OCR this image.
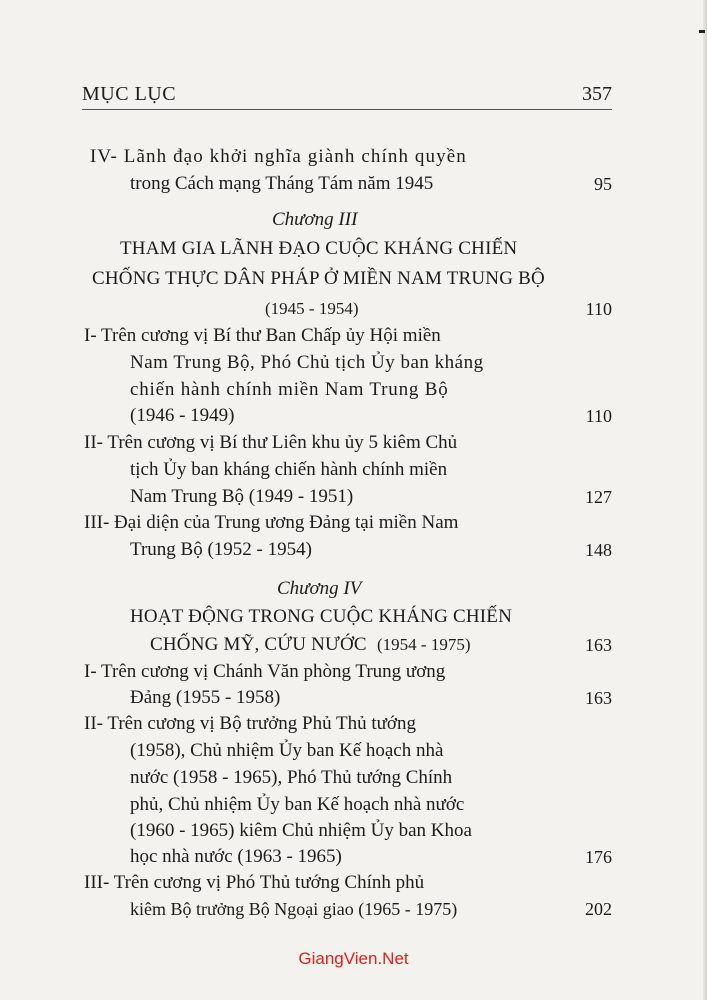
MỤC LỤC	357
IV- Lãnh đạo khởi nghĩa giành chính quyền
trong Cách mạng Tháng Tám năm 1945	95
Chương III
THAM GIA LÃNH ĐẠO CUỘC KHÁNG CHIẾN
CHỐNG THỰC DÂN PHÁP Ở MIỀN NAM TRUNG BỘ
(1945 - 1954)	110
I- Trên cương vị Bí thư Ban Chấp ủy Hội miền
Nam Trung Bộ, Phó Chủ tịch Ủy ban kháng
chiến hành chính miền Nam Trung Bộ
(1946 - 1949)	110
II- Trên cương vị Bí thư Liên khu ủy 5 kiêm Chủ
tịch Ủy ban kháng chiến hành chính miền
Nam Trung Bộ (1949 - 1951)	127
III- Đại diện của Trung ương Đảng tại miền Nam
Trung Bộ (1952 - 1954)	148
Chương IV
HOẠT ĐỘNG TRONG CUỘC KHÁNG CHIẾN
CHỐNG MỸ, CỨU NƯỚC (1954 - 1975)	163
I- Trên cương vị Chánh Văn phòng Trung ương
Đảng (1955 - 1958)	163
II- Trên cương vị Bộ trưởng Phủ Thủ tướng
(1958), Chủ nhiệm Ủy ban Kế hoạch nhà
nước (1958 - 1965), Phó Thủ tướng Chính
phủ, Chủ nhiệm Ủy ban Kế hoạch nhà nước
(1960 - 1965) kiêm Chủ nhiệm Ủy ban Khoa
học nhà nước (1963 - 1965)	176
III- Trên cương vị Phó Thủ tướng Chính phủ
kiêm Bộ trưởng Bộ Ngoại giao (1965 - 1975)	202
GiangVien.Net
